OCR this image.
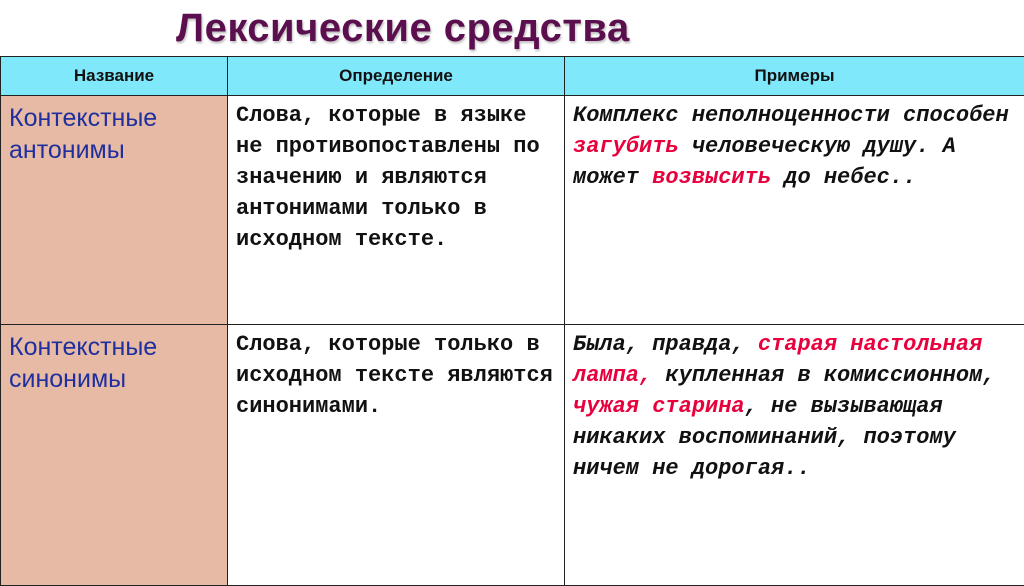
Лексические средства
Название	Определение	Примеры
Контекстные антонимы	Слова, которые в языке не противопоставлены по значению и являются антонимами только в исходном тексте.	Комплекс неполноценности способен загубить человеческую душу. А может возвысить до небес..
Контекстные синонимы	Слова, которые только в исходном тексте являются синонимами.	Была, правда, старая настольная лампа, купленная в комиссионном, чужая старина, не вызывающая никаких воспоминаний, поэтому ничем не дорогая..
